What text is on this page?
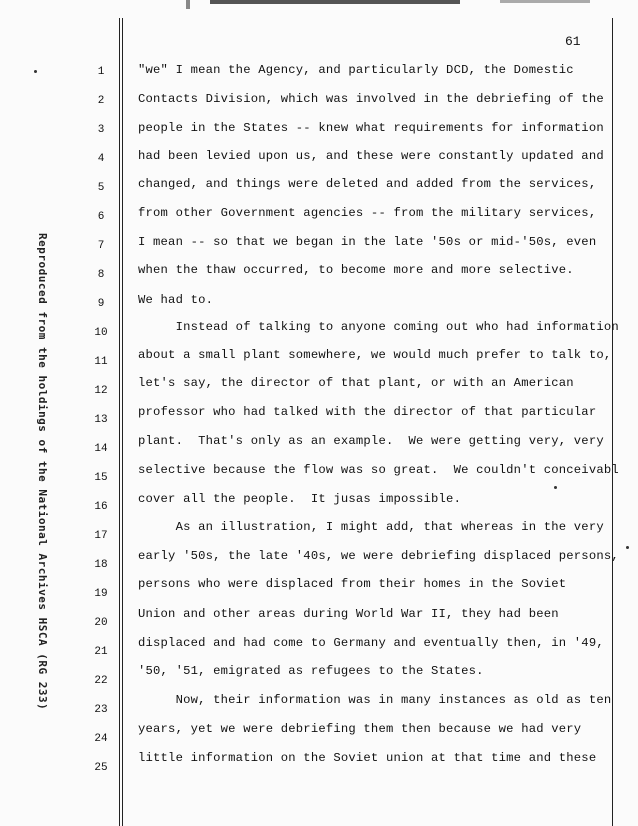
Reproduced from the holdings of the National Archives HSCA (RG 233)
61
1
2
3
4
5
6
7
8
9
10
11
12
13
14
15
16
17
18
19
20
21
22
23
24
25
"we" I mean the Agency, and particularly DCD, the Domestic
Contacts Division, which was involved in the debriefing of the
people in the States -- knew what requirements for information
had been levied upon us, and these were constantly updated and
changed, and things were deleted and added from the services,
from other Government agencies -- from the military services,
I mean -- so that we began in the late '50s or mid-'50s, even
when the thaw occurred, to become more and more selective.
We had to.
Instead of talking to anyone coming out who had information
about a small plant somewhere, we would much prefer to talk to,
let's say, the director of that plant, or with an American
professor who had talked with the director of that particular
plant.  That's only as an example.  We were getting very, very
selective because the flow was so great.  We couldn't conceivabl
cover all the people.  It jusas impossible.
As an illustration, I might add, that whereas in the very
early '50s, the late '40s, we were debriefing displaced persons,
persons who were displaced from their homes in the Soviet
Union and other areas during World War II, they had been
displaced and had come to Germany and eventually then, in '49,
'50, '51, emigrated as refugees to the States.
Now, their information was in many instances as old as ten
years, yet we were debriefing them then because we had very
little information on the Soviet union at that time and these
